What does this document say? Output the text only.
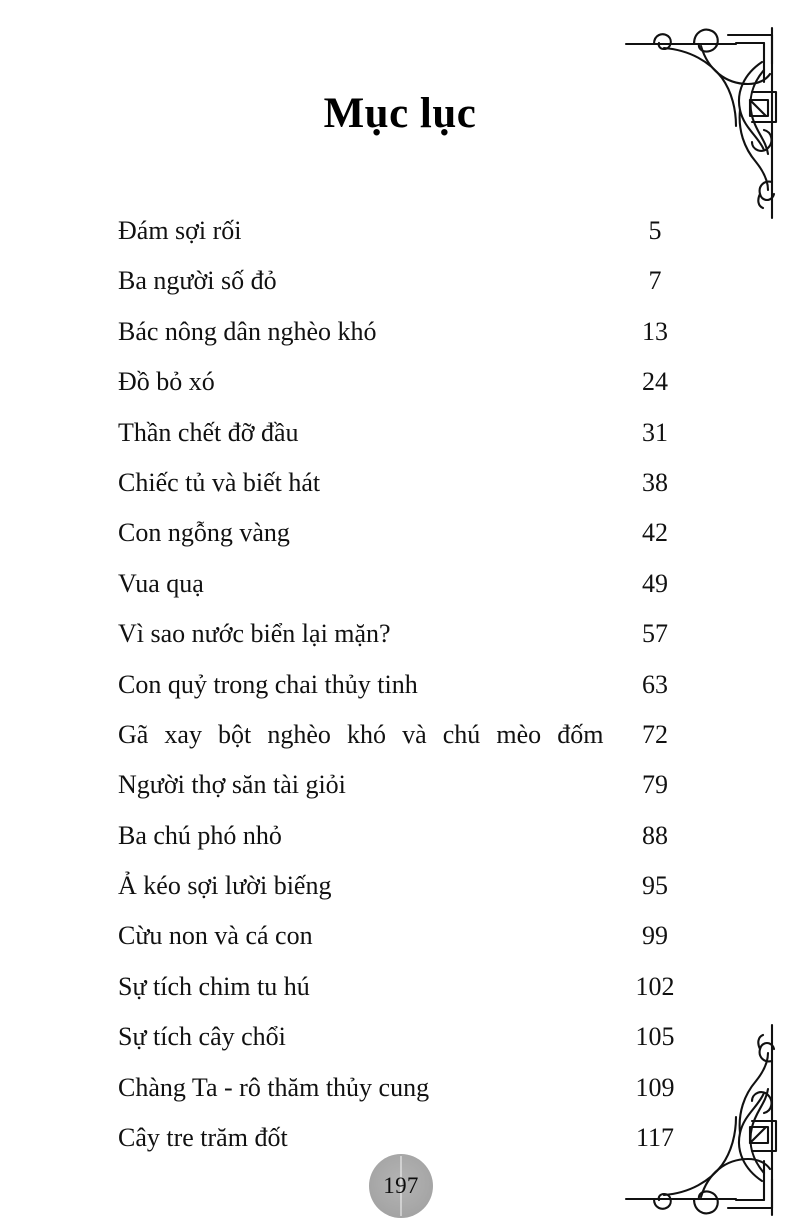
Mục lục
Đám sợi rối	5
Ba người số đỏ	7
Bác nông dân nghèo khó	13
Đồ bỏ xó	24
Thần chết đỡ đầu	31
Chiếc tủ và biết hát	38
Con ngỗng vàng	42
Vua quạ	49
Vì sao nước biển lại mặn?	57
Con quỷ trong chai thủy tinh	63
Gã xay bột nghèo khó và chú mèo đốm	72
Người thợ săn tài giỏi	79
Ba chú phó nhỏ	88
Ả kéo sợi lười biếng	95
Cừu non và cá con	99
Sự tích chim tu hú	102
Sự tích cây chổi	105
Chàng Ta - rô thăm thủy cung	109
Cây tre trăm đốt	117
197
